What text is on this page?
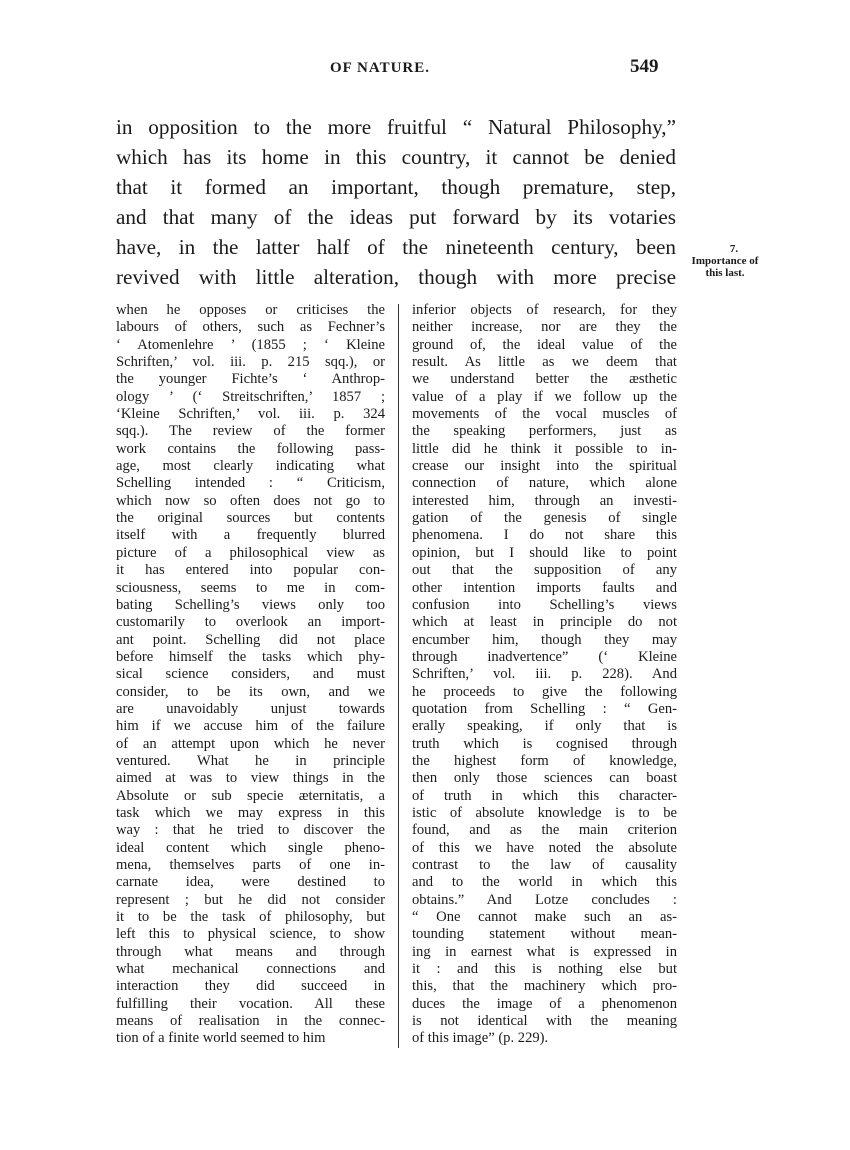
OF NATURE.	549
in opposition to the more fruitful “ Natural Philosophy,”
which has its home in this country, it cannot be denied
that it formed an important, though premature, step,
and that many of the ideas put forward by its votaries
have, in the latter half of the nineteenth century, been
revived with little alteration, though with more precise
7.
Importance of this last.
when he opposes or criticises the
labours of others, such as Fechner’s
‘ Atomenlehre ’ (1855 ; ‘ Kleine
Schriften,’ vol. iii. p. 215 sqq.), or
the younger Fichte’s ‘ Anthrop-
ology ’ (‘ Streitschriften,’ 1857 ;
‘Kleine Schriften,’ vol. iii. p. 324
sqq.). The review of the former
work contains the following pass-
age, most clearly indicating what
Schelling intended : “ Criticism,
which now so often does not go to
the original sources but contents
itself with a frequently blurred
picture of a philosophical view as
it has entered into popular con-
sciousness, seems to me in com-
bating Schelling’s views only too
customarily to overlook an import-
ant point. Schelling did not place
before himself the tasks which phy-
sical science considers, and must
consider, to be its own, and we
are unavoidably unjust towards
him if we accuse him of the failure
of an attempt upon which he never
ventured. What he in principle
aimed at was to view things in the
Absolute or sub specie æternitatis, a
task which we may express in this
way : that he tried to discover the
ideal content which single pheno-
mena, themselves parts of one in-
carnate idea, were destined to
represent ; but he did not consider
it to be the task of philosophy, but
left this to physical science, to show
through what means and through
what mechanical connections and
interaction they did succeed in
fulfilling their vocation. All these
means of realisation in the connec-
tion of a finite world seemed to him
inferior objects of research, for they
neither increase, nor are they the
ground of, the ideal value of the
result. As little as we deem that
we understand better the æsthetic
value of a play if we follow up the
movements of the vocal muscles of
the speaking performers, just as
little did he think it possible to in-
crease our insight into the spiritual
connection of nature, which alone
interested him, through an investi-
gation of the genesis of single
phenomena. I do not share this
opinion, but I should like to point
out that the supposition of any
other intention imports faults and
confusion into Schelling’s views
which at least in principle do not
encumber him, though they may
through inadvertence” (‘ Kleine
Schriften,’ vol. iii. p. 228). And
he proceeds to give the following
quotation from Schelling : “ Gen-
erally speaking, if only that is
truth which is cognised through
the highest form of knowledge,
then only those sciences can boast
of truth in which this character-
istic of absolute knowledge is to be
found, and as the main criterion
of this we have noted the absolute
contrast to the law of causality
and to the world in which this
obtains.” And Lotze concludes :
“ One cannot make such an as-
tounding statement without mean-
ing in earnest what is expressed in
it : and this is nothing else but
this, that the machinery which pro-
duces the image of a phenomenon
is not identical with the meaning
of this image” (p. 229).
